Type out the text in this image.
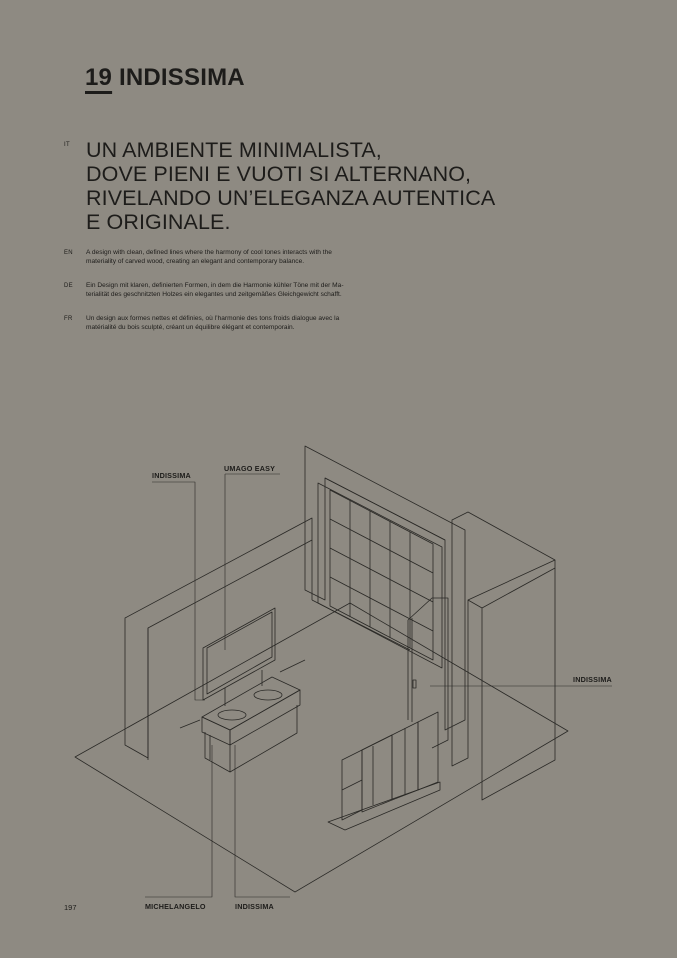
19 INDISSIMA
IT UN AMBIENTE MINIMALISTA,
DOVE PIENI E VUOTI SI ALTERNANO,
RIVELANDO UN’ELEGANZA AUTENTICA
E ORIGINALE.
EN A design with clean, defined lines where the harmony of cool tones interacts with the
materiality of carved wood, creating an elegant and contemporary balance.

DE Ein Design mit klaren, definierten Formen, in dem die Harmonie kühler Töne mit der Ma-
terialität des geschnitzten Holzes ein elegantes und zeitgemäßes Gleichgewicht schafft.

FR Un design aux formes nettes et définies, où l’harmonie des tons froids dialogue avec la
matérialité du bois sculpté, créant un équilibre élégant et contemporain.

INDISSIMA
UMAGO EASY
INDISSIMA
MICHELANGELO	INDISSIMA
197
